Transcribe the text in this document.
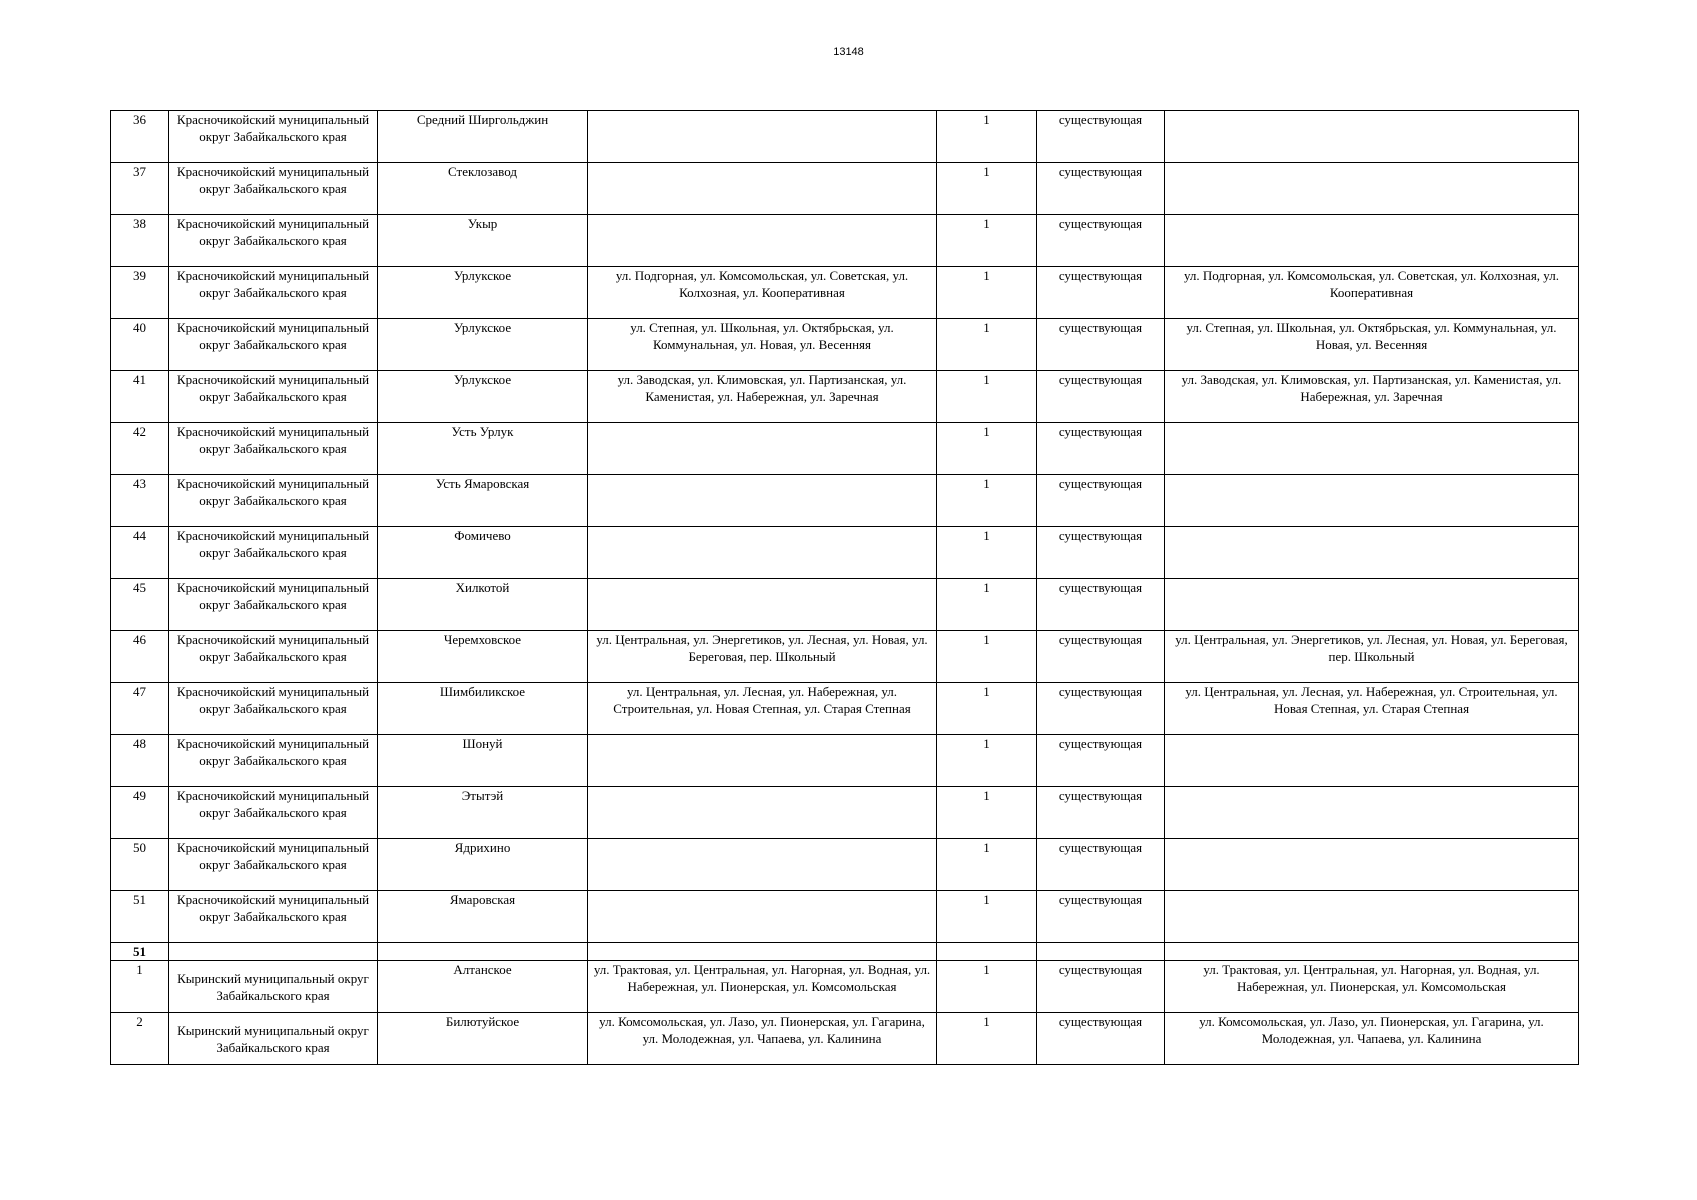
13148
36	Красночикойский муниципальный округ Забайкальского края	Средний Ширгольджин		1	существующая	
37	Красночикойский муниципальный округ Забайкальского края	Стеклозавод		1	существующая	
38	Красночикойский муниципальный округ Забайкальского края	Укыр		1	существующая	
39	Красночикойский муниципальный округ Забайкальского края	Урлукское	ул. Подгорная, ул. Комсомольская, ул. Советская, ул. Колхозная, ул. Кооперативная	1	существующая	ул. Подгорная, ул. Комсомольская, ул. Советская, ул. Колхозная, ул. Кооперативная
40	Красночикойский муниципальный округ Забайкальского края	Урлукское	ул. Степная, ул. Школьная, ул. Октябрьская, ул. Коммунальная, ул. Новая, ул. Весенняя	1	существующая	ул. Степная, ул. Школьная, ул. Октябрьская, ул. Коммунальная, ул. Новая, ул. Весенняя
41	Красночикойский муниципальный округ Забайкальского края	Урлукское	ул. Заводская, ул. Климовская, ул. Партизанская, ул. Каменистая, ул. Набережная, ул. Заречная	1	существующая	ул. Заводская, ул. Климовская, ул. Партизанская, ул. Каменистая, ул. Набережная, ул. Заречная
42	Красночикойский муниципальный округ Забайкальского края	Усть Урлук		1	существующая	
43	Красночикойский муниципальный округ Забайкальского края	Усть Ямаровская		1	существующая	
44	Красночикойский муниципальный округ Забайкальского края	Фомичево		1	существующая	
45	Красночикойский муниципальный округ Забайкальского края	Хилкотой		1	существующая	
46	Красночикойский муниципальный округ Забайкальского края	Черемховское	ул. Центральная, ул. Энергетиков, ул. Лесная, ул. Новая, ул. Береговая, пер. Школьный	1	существующая	ул. Центральная, ул. Энергетиков, ул. Лесная, ул. Новая, ул. Береговая, пер. Школьный
47	Красночикойский муниципальный округ Забайкальского края	Шимбиликское	ул. Центральная, ул. Лесная, ул. Набережная, ул. Строительная, ул. Новая Степная, ул. Старая Степная	1	существующая	ул. Центральная, ул. Лесная, ул. Набережная, ул. Строительная, ул. Новая Степная, ул. Старая Степная
48	Красночикойский муниципальный округ Забайкальского края	Шонуй		1	существующая	
49	Красночикойский муниципальный округ Забайкальского края	Этытэй		1	существующая	
50	Красночикойский муниципальный округ Забайкальского края	Ядрихино		1	существующая	
51	Красночикойский муниципальный округ Забайкальского края	Ямаровская		1	существующая	
51						
1	Кыринский муниципальный округ Забайкальского края	Алтанское	ул. Трактовая, ул. Центральная, ул. Нагорная, ул. Водная, ул. Набережная, ул. Пионерская, ул. Комсомольская	1	существующая	ул. Трактовая, ул. Центральная, ул. Нагорная, ул. Водная, ул. Набережная, ул. Пионерская, ул. Комсомольская
2	Кыринский муниципальный округ Забайкальского края	Билютуйское	ул. Комсомольская, ул. Лазо, ул. Пионерская, ул. Гагарина, ул. Молодежная, ул. Чапаева, ул. Калинина	1	существующая	ул. Комсомольская, ул. Лазо, ул. Пионерская, ул. Гагарина, ул. Молодежная, ул. Чапаева, ул. Калинина
